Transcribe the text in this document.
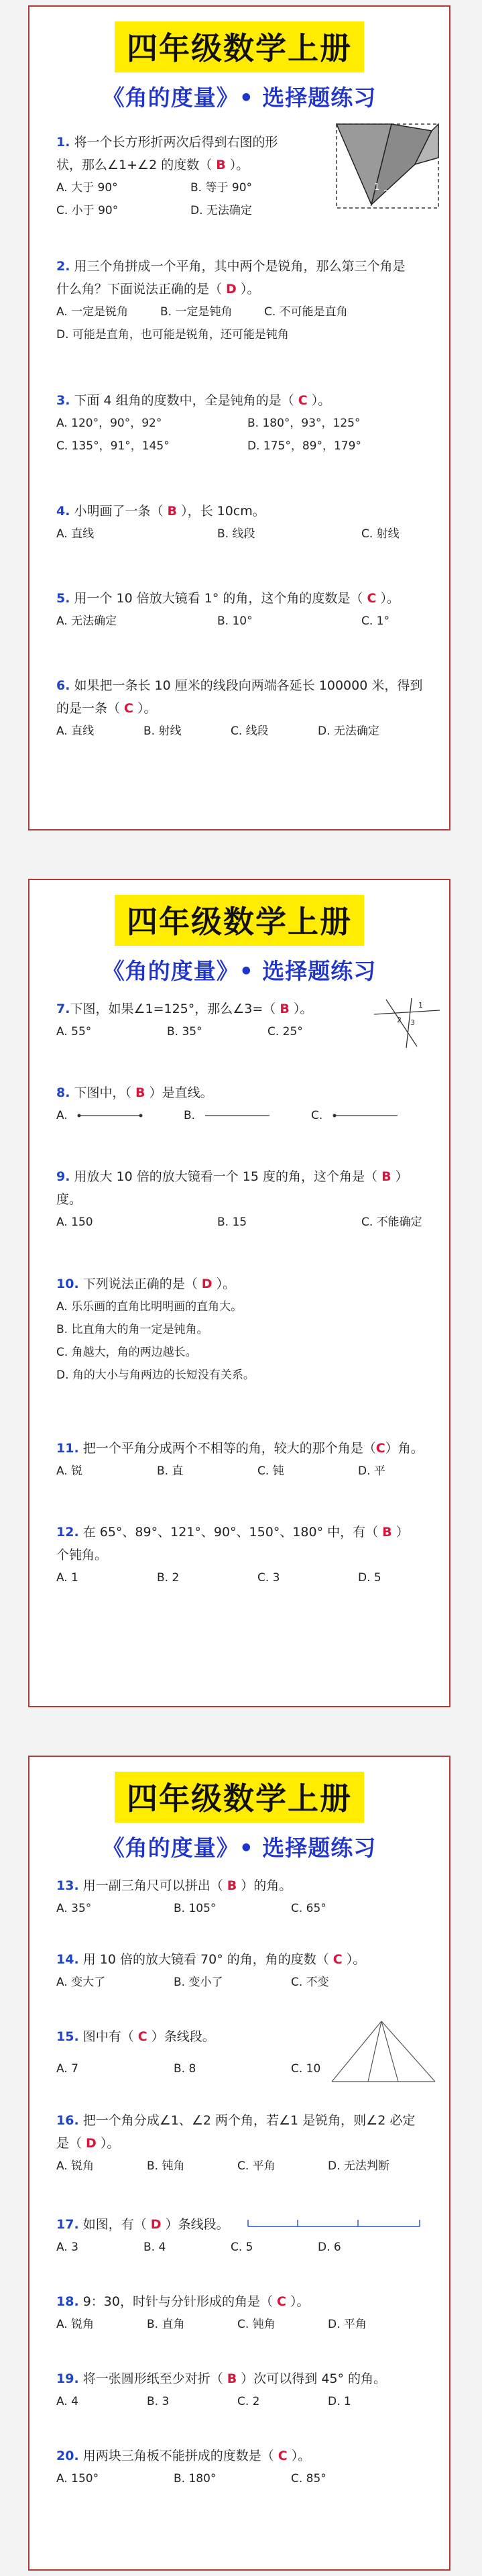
四年级数学上册
《角的度量》• 选择题练习
1. 将一个长方形折两次后得到右图的形
状，那么∠1+∠2 的度数（ B ）。
A. 大于 90°	B. 等于 90°
C. 小于 90°	D. 无法确定
1
2
2. 用三个角拼成一个平角，其中两个是锐角，那么第三个角是
什么角？下面说法正确的是（ D ）。
A. 一定是锐角	B. 一定是钝角	C. 不可能是直角
D. 可能是直角，也可能是锐角，还可能是钝角
3. 下面 4 组角的度数中，全是钝角的是（ C ）。
A. 120°，90°，92°	B. 180°，93°，125°
C. 135°，91°，145°	D. 175°，89°，179°
4. 小明画了一条（ B ），长 10cm。
A. 直线	B. 线段	C. 射线
5. 用一个 10 倍放大镜看 1° 的角，这个角的度数是（ C ）。
A. 无法确定	B. 10°	C. 1°
6. 如果把一条长 10 厘米的线段向两端各延长 100000 米，得到
的是一条（ C ）。
A. 直线	B. 射线	C. 线段	D. 无法确定
四年级数学上册
《角的度量》• 选择题练习
7.下图，如果∠1=125°，那么∠3=（ B ）。
A. 55°	B. 35°	C. 25°
1
2 3
8. 下图中，（ B ）是直线。
A.	B.	C.
9. 用放大 10 倍的放大镜看一个 15 度的角，这个角是（ B ）
度。
A. 150	B. 15	C. 不能确定
10. 下列说法正确的是（ D ）。
A. 乐乐画的直角比明明画的直角大。
B. 比直角大的角一定是钝角。
C. 角越大，角的两边越长。
D. 角的大小与角两边的长短没有关系。
11. 把一个平角分成两个不相等的角，较大的那个角是（C）角。
A. 锐	B. 直	C. 钝	D. 平
12. 在 65°、89°、121°、90°、150°、180° 中，有（ B ）
个钝角。
A. 1	B. 2	C. 3	D. 5
四年级数学上册
《角的度量》• 选择题练习
13. 用一副三角尺可以拼出（ B ）的角。
A. 35°	B. 105°	C. 65°
14. 用 10 倍的放大镜看 70° 的角，角的度数（ C ）。
A. 变大了	B. 变小了	C. 不变
15. 图中有（ C ）条线段。
A. 7	B. 8	C. 10
16. 把一个角分成∠1、∠2 两个角，若∠1 是锐角，则∠2 必定
是（ D ）。
A. 锐角	B. 钝角	C. 平角	D. 无法判断
17. 如图，有（ D ）条线段。
A. 3	B. 4	C. 5	D. 6
18. 9：30，时针与分针形成的角是（ C ）。
A. 锐角	B. 直角	C. 钝角	D. 平角
19. 将一张圆形纸至少对折（ B ）次可以得到 45° 的角。
A. 4	B. 3	C. 2	D. 1
20. 用两块三角板不能拼成的度数是（ C ）。
A. 150°	B. 180°	C. 85°
